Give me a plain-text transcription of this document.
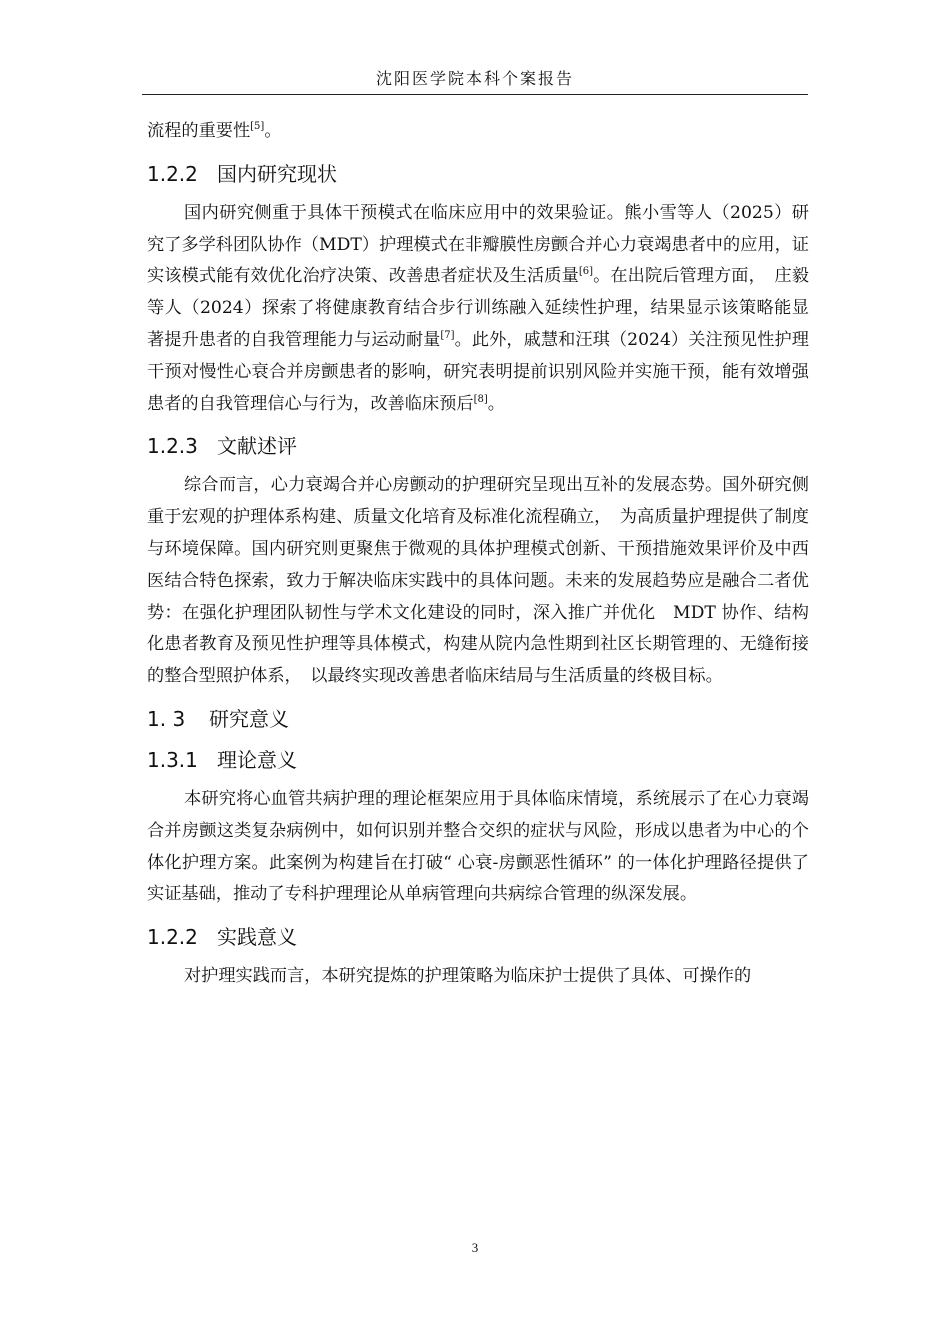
沈阳医学院本科个案报告

流程的重要性[5]。

1.2.2 国内研究现状

国内研究侧重于具体干预模式在临床应用中的效果验证。熊小雪等人（2025）研究了多学科团队协作（MDT）护理模式在非瓣膜性房颤合并心力衰竭患者中的应用，证实该模式能有效优化治疗决策、改善患者症状及生活质量[6]。在出院后管理方面，　庄毅等人（2024）探索了将健康教育结合步行训练融入延续性护理，结果显示该策略能显著提升患者的自我管理能力与运动耐量[7]。此外，戚慧和汪琪（2024）关注预见性护理干预对慢性心衰合并房颤患者的影响，研究表明提前识别风险并实施干预，能有效增强患者的自我管理信心与行为，改善临床预后[8]。

1.2.3 文献述评

综合而言，心力衰竭合并心房颤动的护理研究呈现出互补的发展态势。国外研究侧重于宏观的护理体系构建、质量文化培育及标准化流程确立，　为高质量护理提供了制度与环境保障。国内研究则更聚焦于微观的具体护理模式创新、干预措施效果评价及中西医结合特色探索，致力于解决临床实践中的具体问题。未来的发展趋势应是融合二者优势：在强化护理团队韧性与学术文化建设的同时，深入推广并优化　MDT 协作、结构化患者教育及预见性护理等具体模式，构建从院内急性期到社区长期管理的、无缝衔接的整合型照护体系，　以最终实现改善患者临床结局与生活质量的终极目标。

1. 3 研究意义
1.3.1 理论意义

本研究将心血管共病护理的理论框架应用于具体临床情境，系统展示了在心力衰竭合并房颤这类复杂病例中，如何识别并整合交织的症状与风险，形成以患者为中心的个体化护理方案。此案例为构建旨在打破“ 心衰-房颤恶性循环” 的一体化护理路径提供了实证基础，推动了专科护理理论从单病管理向共病综合管理的纵深发展。

1.2.2 实践意义

对护理实践而言，本研究提炼的护理策略为临床护士提供了具体、可操作的

3
